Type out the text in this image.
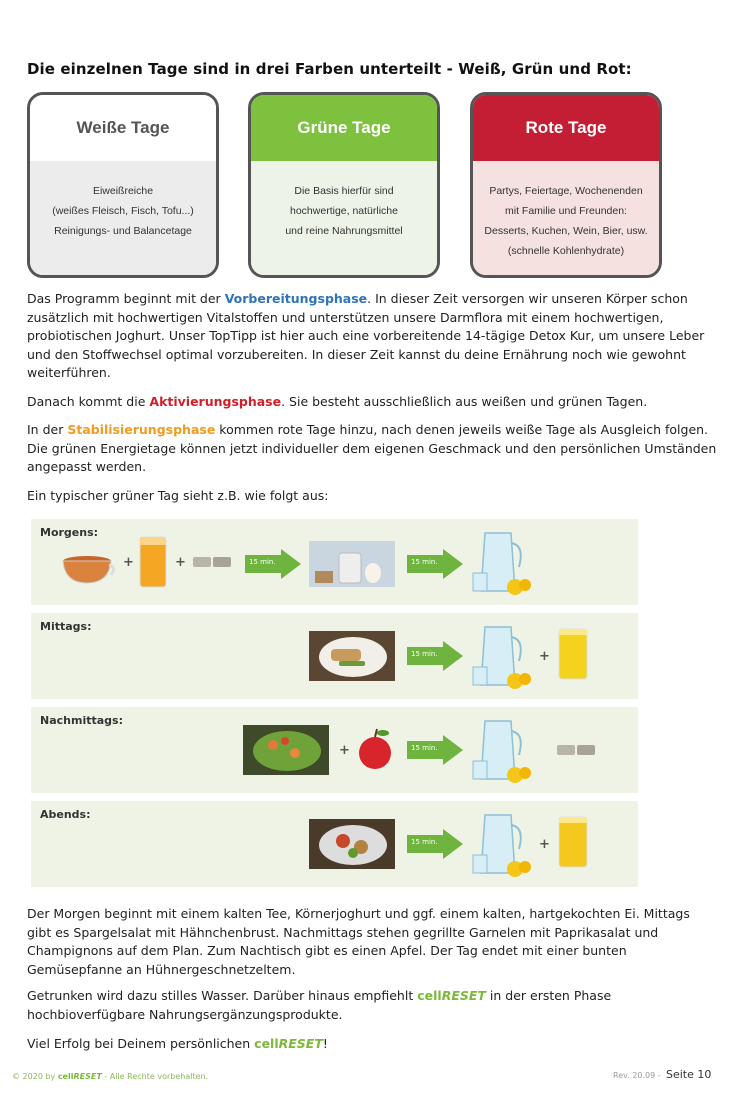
Die einzelnen Tage sind in drei Farben unterteilt - Weiß, Grün und Rot:
Weiße Tage
Eiweißreiche
(weißes Fleisch, Fisch, Tofu...)
Reinigungs- und Balancetage
Grüne Tage
Die Basis hierfür sind
hochwertige, natürliche
und reine Nahrungsmittel
Rote Tage
Partys, Feiertage, Wochenenden
mit Familie und Freunden:
Desserts, Kuchen, Wein, Bier, usw.
(schnelle Kohlenhydrate)

Das Programm beginnt mit der Vorbereitungsphase. In dieser Zeit versorgen wir unseren Körper schon zusätzlich mit hochwertigen Vitalstoffen und unterstützen unsere Darmflora mit einem hochwertigen, probiotischen Joghurt. Unser TopTipp ist hier auch eine vorbereitende 14-tägige Detox Kur, um unsere Leber und den Stoffwechsel optimal vorzubereiten. In dieser Zeit kannst du deine Ernährung noch wie gewohnt weiterführen.

Danach kommt die Aktivierungsphase. Sie besteht ausschließlich aus weißen und grünen Tagen.

In der Stabilisierungsphase kommen rote Tage hinzu, nach denen jeweils weiße Tage als Ausgleich folgen. Die grünen Energietage können jetzt individueller dem eigenen Geschmack und den persönlichen Umständen angepasst werden.

Ein typischer grüner Tag sieht z.B. wie folgt aus:

Morgens:
+	+	15 min.	15 min.
Mittags:
15 min.	+
Nachmittags:
+	15 min.
Abends:
15 min.	+

Der Morgen beginnt mit einem kalten Tee, Körnerjoghurt und ggf. einem kalten, hartgekochten Ei. Mittags gibt es Spargelsalat mit Hähnchenbrust. Nachmittags stehen gegrillte Garnelen mit Paprikasalat und Champignons auf dem Plan. Zum Nachtisch gibt es einen Apfel. Der Tag endet mit einer bunten Gemüsepfanne an Hühnergeschnetzeltem.

Getrunken wird dazu stilles Wasser. Darüber hinaus empfiehlt cellRESET in der ersten Phase hochbioverfügbare Nahrungsergänzungsprodukte.

Viel Erfolg bei Deinem persönlichen cellRESET!

© 2020 by cellRESET - Alle Rechte vorbehalten.	Rev. 20.09 - Seite 10
